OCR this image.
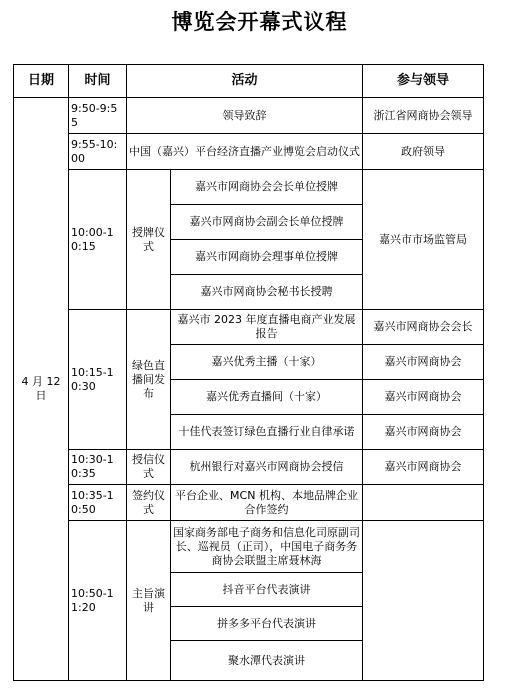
博览会开幕式议程
日期	时间	活动		参与领导
4 月 12 日	9:50-9:55	领导致辞		浙江省网商协会领导
	9:55-10:00	中国（嘉兴）平台经济直播产业博览会启动仪式		政府领导
	10:00-10:15	授牌仪式	嘉兴市网商协会会长单位授牌	嘉兴市市场监管局
			嘉兴市网商协会副会长单位授牌	
			嘉兴市网商协会理事单位授牌	
			嘉兴市网商协会秘书长授聘	
	10:15-10:30	绿色直播间发布	嘉兴市 2023 年度直播电商产业发展报告	嘉兴市网商协会会长
			嘉兴优秀主播（十家）	嘉兴市网商协会
			嘉兴优秀直播间（十家）	嘉兴市网商协会
			十佳代表签订绿色直播行业自律承诺	嘉兴市网商协会
	10:30-10:35	授信仪式	杭州银行对嘉兴市网商协会授信	嘉兴市网商协会
	10:35-10:50	签约仪式	平台企业、MCN 机构、本地品牌企业合作签约	
	10:50-11:20	主旨演讲	国家商务部电子商务和信息化司原副司长、巡视员（正司），中国电子商务务商协会联盟主席聂林海	
			抖音平台代表演讲	
			拼多多平台代表演讲	
			聚水潭代表演讲	
